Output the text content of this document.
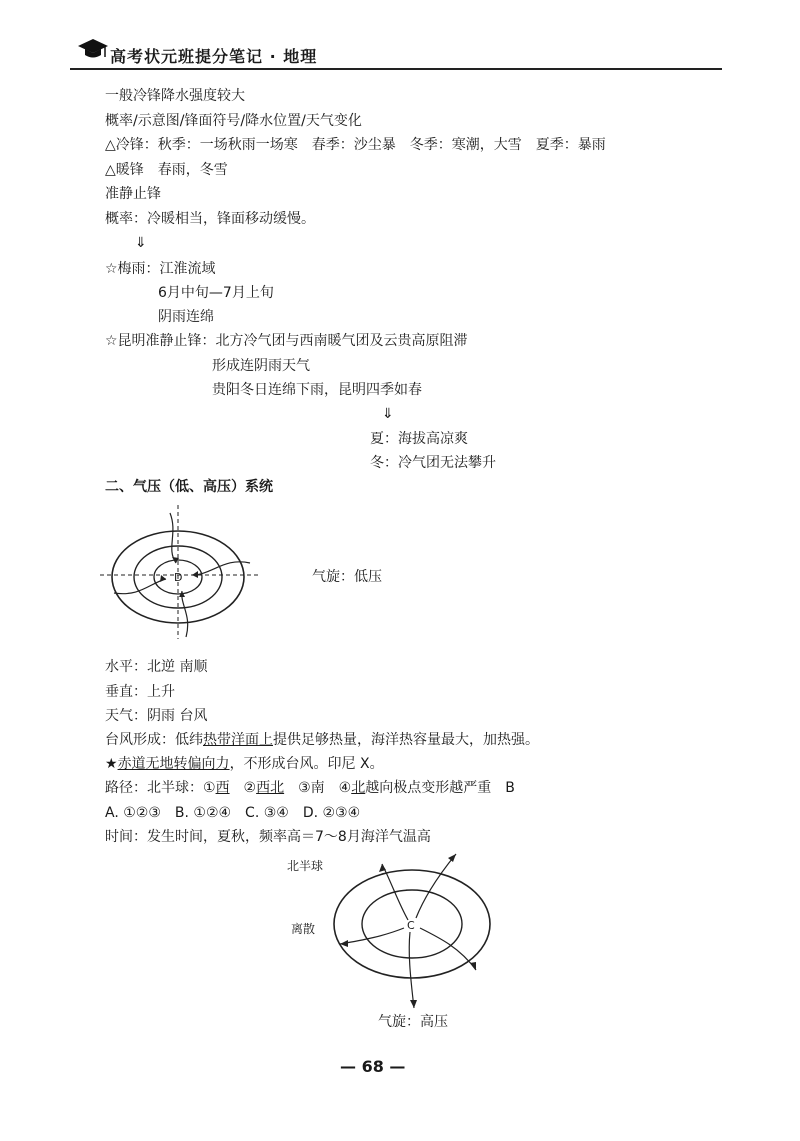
高考状元班提分笔记 · 地理
一般冷锋降水强度较大
概率/示意图/锋面符号/降水位置/天气变化
△冷锋：秋季：一场秋雨一场寒　春季：沙尘暴　冬季：寒潮，大雪　夏季：暴雨
△暖锋　春雨，冬雪
准静止锋
概率：冷暖相当，锋面移动缓慢。
⇓
☆梅雨：江淮流域
6月中旬—7月上旬
阴雨连绵
☆昆明准静止锋：北方冷气团与西南暖气团及云贵高原阻滞
形成连阴雨天气
贵阳冬日连绵下雨，昆明四季如春
⇓
夏：海拔高凉爽
冬：冷气团无法攀升
二、气压（低、高压）系统
D	气旋：低压
水平：北逆 南顺
垂直：上升
天气：阴雨 台风
台风形成：低纬热带洋面上提供足够热量，海洋热容量最大，加热强。
★赤道无地转偏向力，不形成台风。印尼 X。
路径：北半球：①西　②西北　③南　④北越向极点变形越严重　B
A. ①②③　B. ①②④　C. ③④　D. ②③④
时间：发生时间，夏秋，频率高＝7～8月海洋气温高
北半球
离散	C
气旋：高压
— 68 —
